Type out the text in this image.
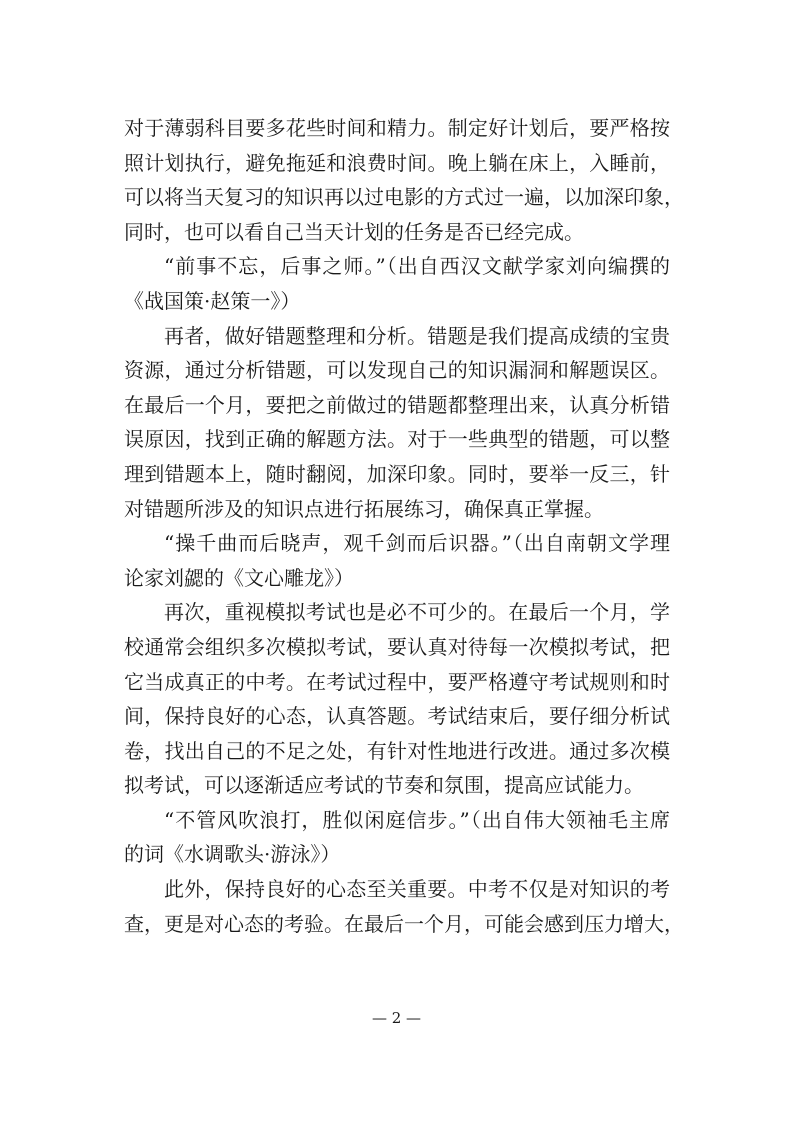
对于薄弱科目要多花些时间和精力。制定好计划后，要严格按
照计划执行，避免拖延和浪费时间。晚上躺在床上，入睡前，
可以将当天复习的知识再以过电影的方式过一遍，以加深印象，
同时，也可以看自己当天计划的任务是否已经完成。
“前事不忘，后事之师。”（出自西汉文献学家刘向编撰的
《战国策·赵策一》）
再者，做好错题整理和分析。错题是我们提高成绩的宝贵
资源，通过分析错题，可以发现自己的知识漏洞和解题误区。
在最后一个月，要把之前做过的错题都整理出来，认真分析错
误原因，找到正确的解题方法。对于一些典型的错题，可以整
理到错题本上，随时翻阅，加深印象。同时，要举一反三，针
对错题所涉及的知识点进行拓展练习，确保真正掌握。
“操千曲而后晓声，观千剑而后识器。”（出自南朝文学理
论家刘勰的《文心雕龙》）
再次，重视模拟考试也是必不可少的。在最后一个月，学
校通常会组织多次模拟考试，要认真对待每一次模拟考试，把
它当成真正的中考。在考试过程中，要严格遵守考试规则和时
间，保持良好的心态，认真答题。考试结束后，要仔细分析试
卷，找出自己的不足之处，有针对性地进行改进。通过多次模
拟考试，可以逐渐适应考试的节奏和氛围，提高应试能力。
“不管风吹浪打，胜似闲庭信步。”（出自伟大领袖毛主席
的词《水调歌头·游泳》）
此外，保持良好的心态至关重要。中考不仅是对知识的考
查，更是对心态的考验。在最后一个月，可能会感到压力增大，
— 2 —
